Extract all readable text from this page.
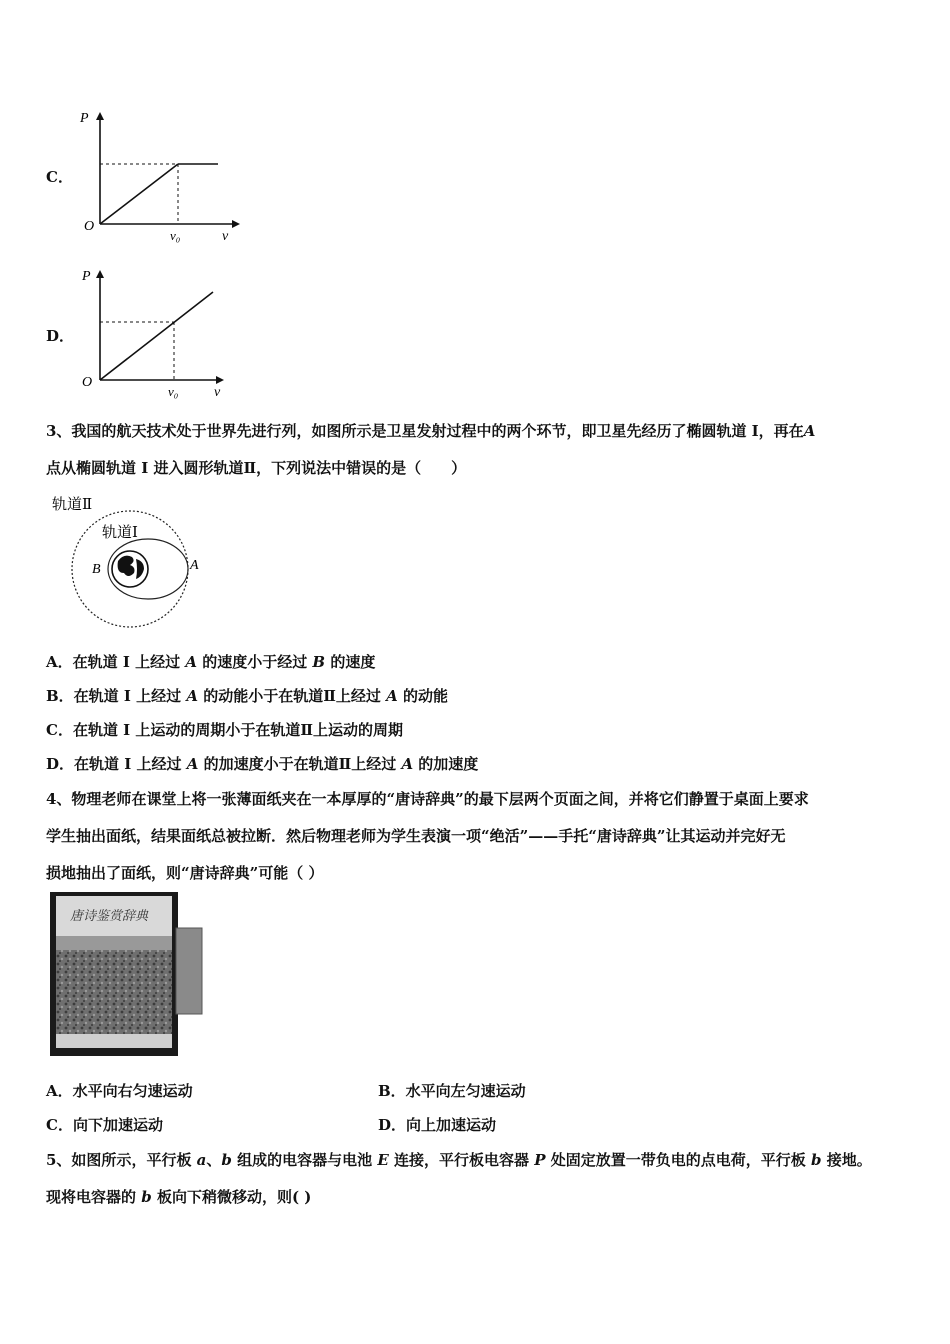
C．
P
O
v₀	v
D．
P
O
v₀	v
3、我国的航天技术处于世界先进行列，如图所示是卫星发射过程中的两个环节，即卫星先经历了椭圆轨道 I，再在A
点从椭圆轨道 I 进入圆形轨道Ⅱ，下列说法中错误的是（　　）
轨道Ⅱ
轨道Ⅰ
B	A
A．在轨道 I 上经过 A 的速度小于经过 B 的速度
B．在轨道 I 上经过 A 的动能小于在轨道Ⅱ上经过 A 的动能
C．在轨道 I 上运动的周期小于在轨道Ⅱ上运动的周期
D．在轨道 I 上经过 A 的加速度小于在轨道Ⅱ上经过 A 的加速度
4、物理老师在课堂上将一张薄面纸夹在一本厚厚的“唐诗辞典”的最下层两个页面之间，并将它们静置于桌面上要求
学生抽出面纸，结果面纸总被拉断．然后物理老师为学生表演一项“绝活”——手托“唐诗辞典”让其运动并完好无
损地抽出了面纸，则“唐诗辞典”可能（ ）
唐诗鉴赏辞典
A．水平向右匀速运动	B．水平向左匀速运动
C．向下加速运动	D．向上加速运动
5、如图所示，平行板 a、b 组成的电容器与电池 E 连接，平行板电容器 P 处固定放置一带负电的点电荷，平行板 b 接地。
现将电容器的 b 板向下稍微移动，则( )
